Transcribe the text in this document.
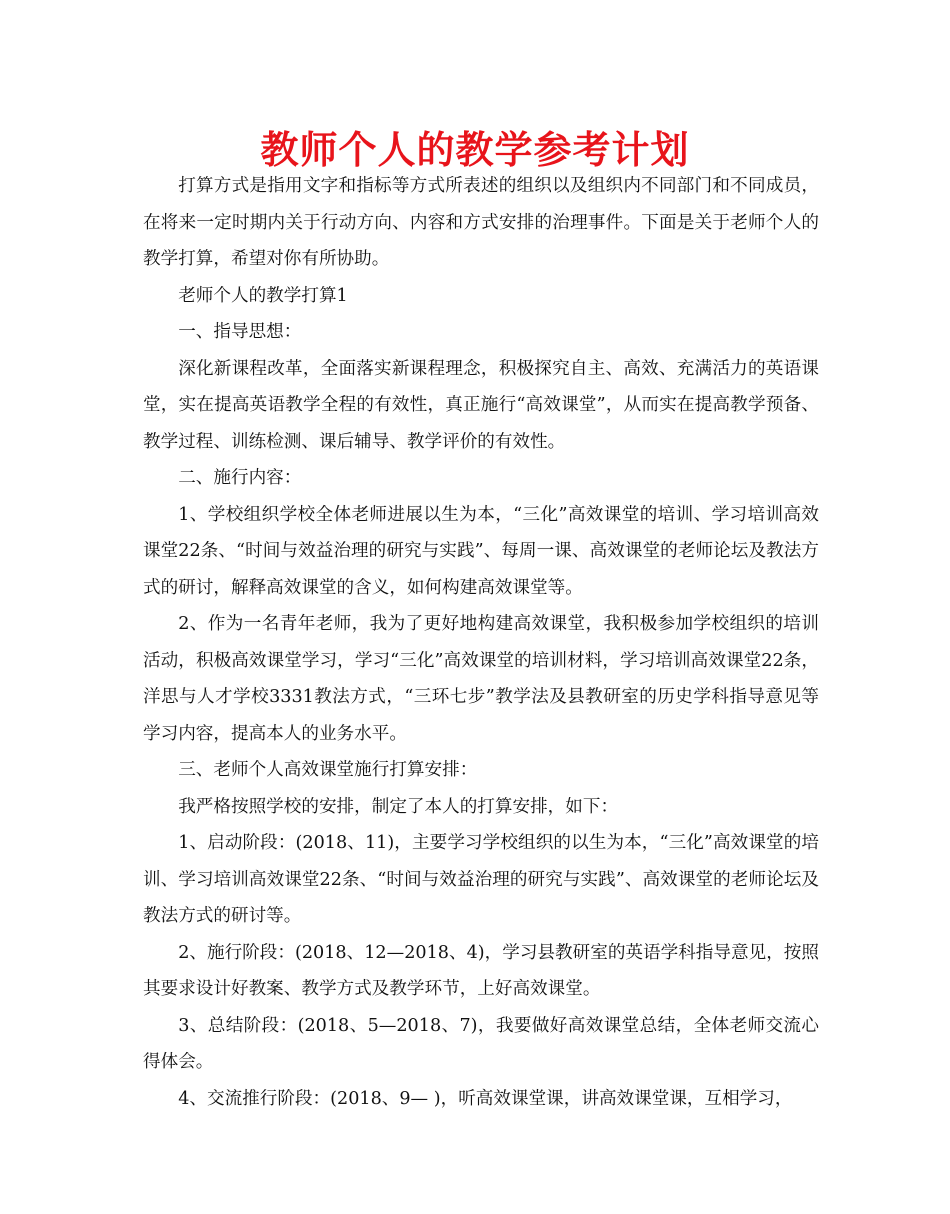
教师个人的教学参考计划

打算方式是指用文字和指标等方式所表述的组织以及组织内不同部门和不同成员，在将来一定时期内关于行动方向、内容和方式安排的治理事件。下面是关于老师个人的教学打算，希望对你有所协助。

老师个人的教学打算1

一、指导思想：

深化新课程改革，全面落实新课程理念，积极探究自主、高效、充满活力的英语课堂，实在提高英语教学全程的有效性，真正施行“高效课堂”，从而实在提高教学预备、教学过程、训练检测、课后辅导、教学评价的有效性。

二、施行内容：

1、学校组织学校全体老师进展以生为本，“三化”高效课堂的培训、学习培训高效课堂22条、“时间与效益治理的研究与实践”、每周一课、高效课堂的老师论坛及教法方式的研讨，解释高效课堂的含义，如何构建高效课堂等。

2、作为一名青年老师，我为了更好地构建高效课堂，我积极参加学校组织的培训活动，积极高效课堂学习，学习“三化”高效课堂的培训材料，学习培训高效课堂22条，洋思与人才学校3331教法方式，“三环七步”教学法及县教研室的历史学科指导意见等学习内容，提高本人的业务水平。

三、老师个人高效课堂施行打算安排：

我严格按照学校的安排，制定了本人的打算安排，如下：

1、启动阶段：(2018、11)，主要学习学校组织的以生为本，“三化”高效课堂的培训、学习培训高效课堂22条、“时间与效益治理的研究与实践”、高效课堂的老师论坛及教法方式的研讨等。

2、施行阶段：(2018、12—2018、4)，学习县教研室的英语学科指导意见，按照其要求设计好教案、教学方式及教学环节，上好高效课堂。

3、总结阶段：(2018、5—2018、7)，我要做好高效课堂总结，全体老师交流心得体会。

4、交流推行阶段：(2018、9— )，听高效课堂课，讲高效课堂课，互相学习，
